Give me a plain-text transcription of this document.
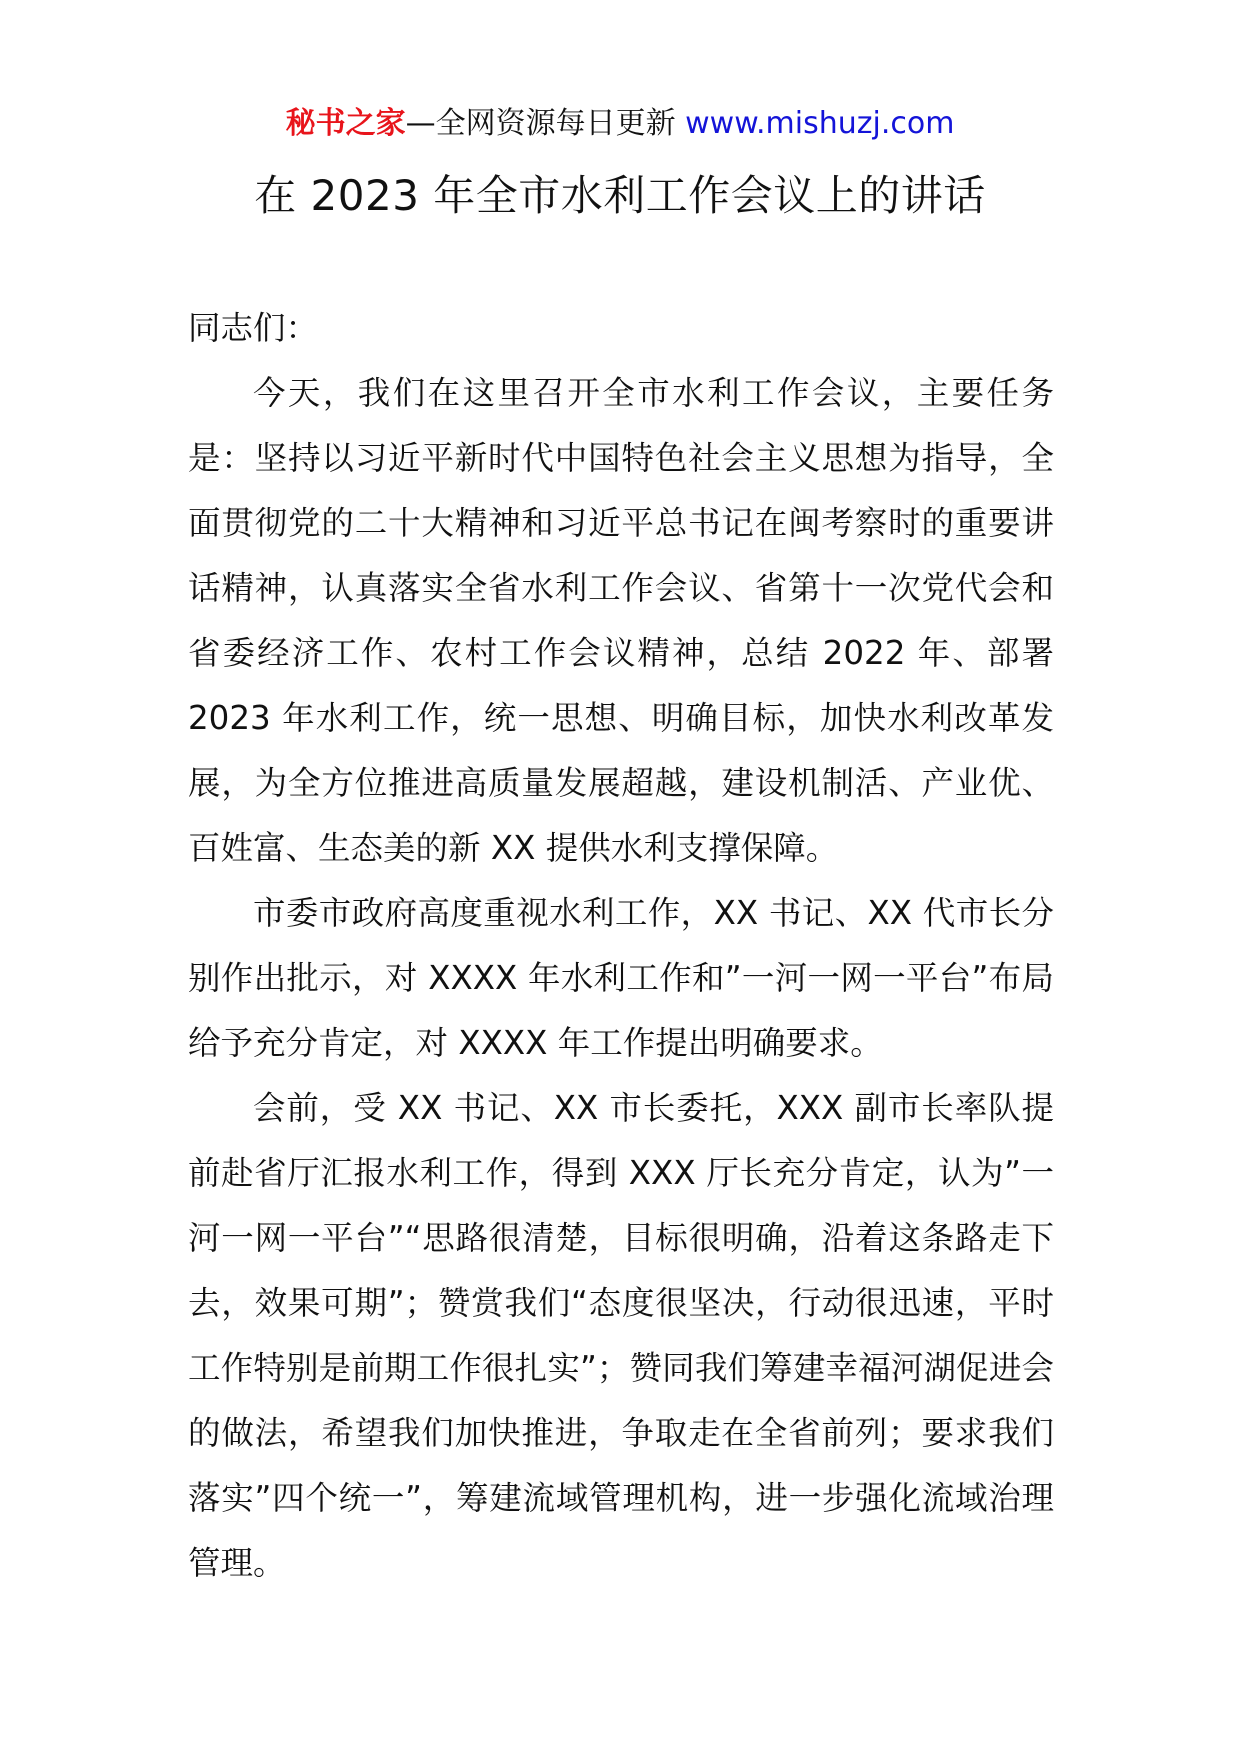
秘书之家—全网资源每日更新 www.mishuzj.com
在 2023 年全市水利工作会议上的讲话

同志们：

今天，我们在这里召开全市水利工作会议，主要任务是：坚持以习近平新时代中国特色社会主义思想为指导，全面贯彻党的二十大精神和习近平总书记在闽考察时的重要讲话精神，认真落实全省水利工作会议、省第十一次党代会和省委经济工作、农村工作会议精神，总结 2022 年、部署 2023 年水利工作，统一思想、明确目标，加快水利改革发展，为全方位推进高质量发展超越，建设机制活、产业优、百姓富、生态美的新 XX 提供水利支撑保障。

市委市政府高度重视水利工作，XX 书记、XX 代市长分别作出批示，对 XXXX 年水利工作和”一河一网一平台”布局给予充分肯定，对 XXXX 年工作提出明确要求。

会前，受 XX 书记、XX 市长委托，XXX 副市长率队提前赴省厅汇报水利工作，得到 XXX 厅长充分肯定，认为”一河一网一平台”“思路很清楚，目标很明确，沿着这条路走下去，效果可期”；赞赏我们“态度很坚决，行动很迅速，平时工作特别是前期工作很扎实”；赞同我们筹建幸福河湖促进会的做法，希望我们加快推进，争取走在全省前列；要求我们落实”四个统一”，筹建流域管理机构，进一步强化流域治理管理。
